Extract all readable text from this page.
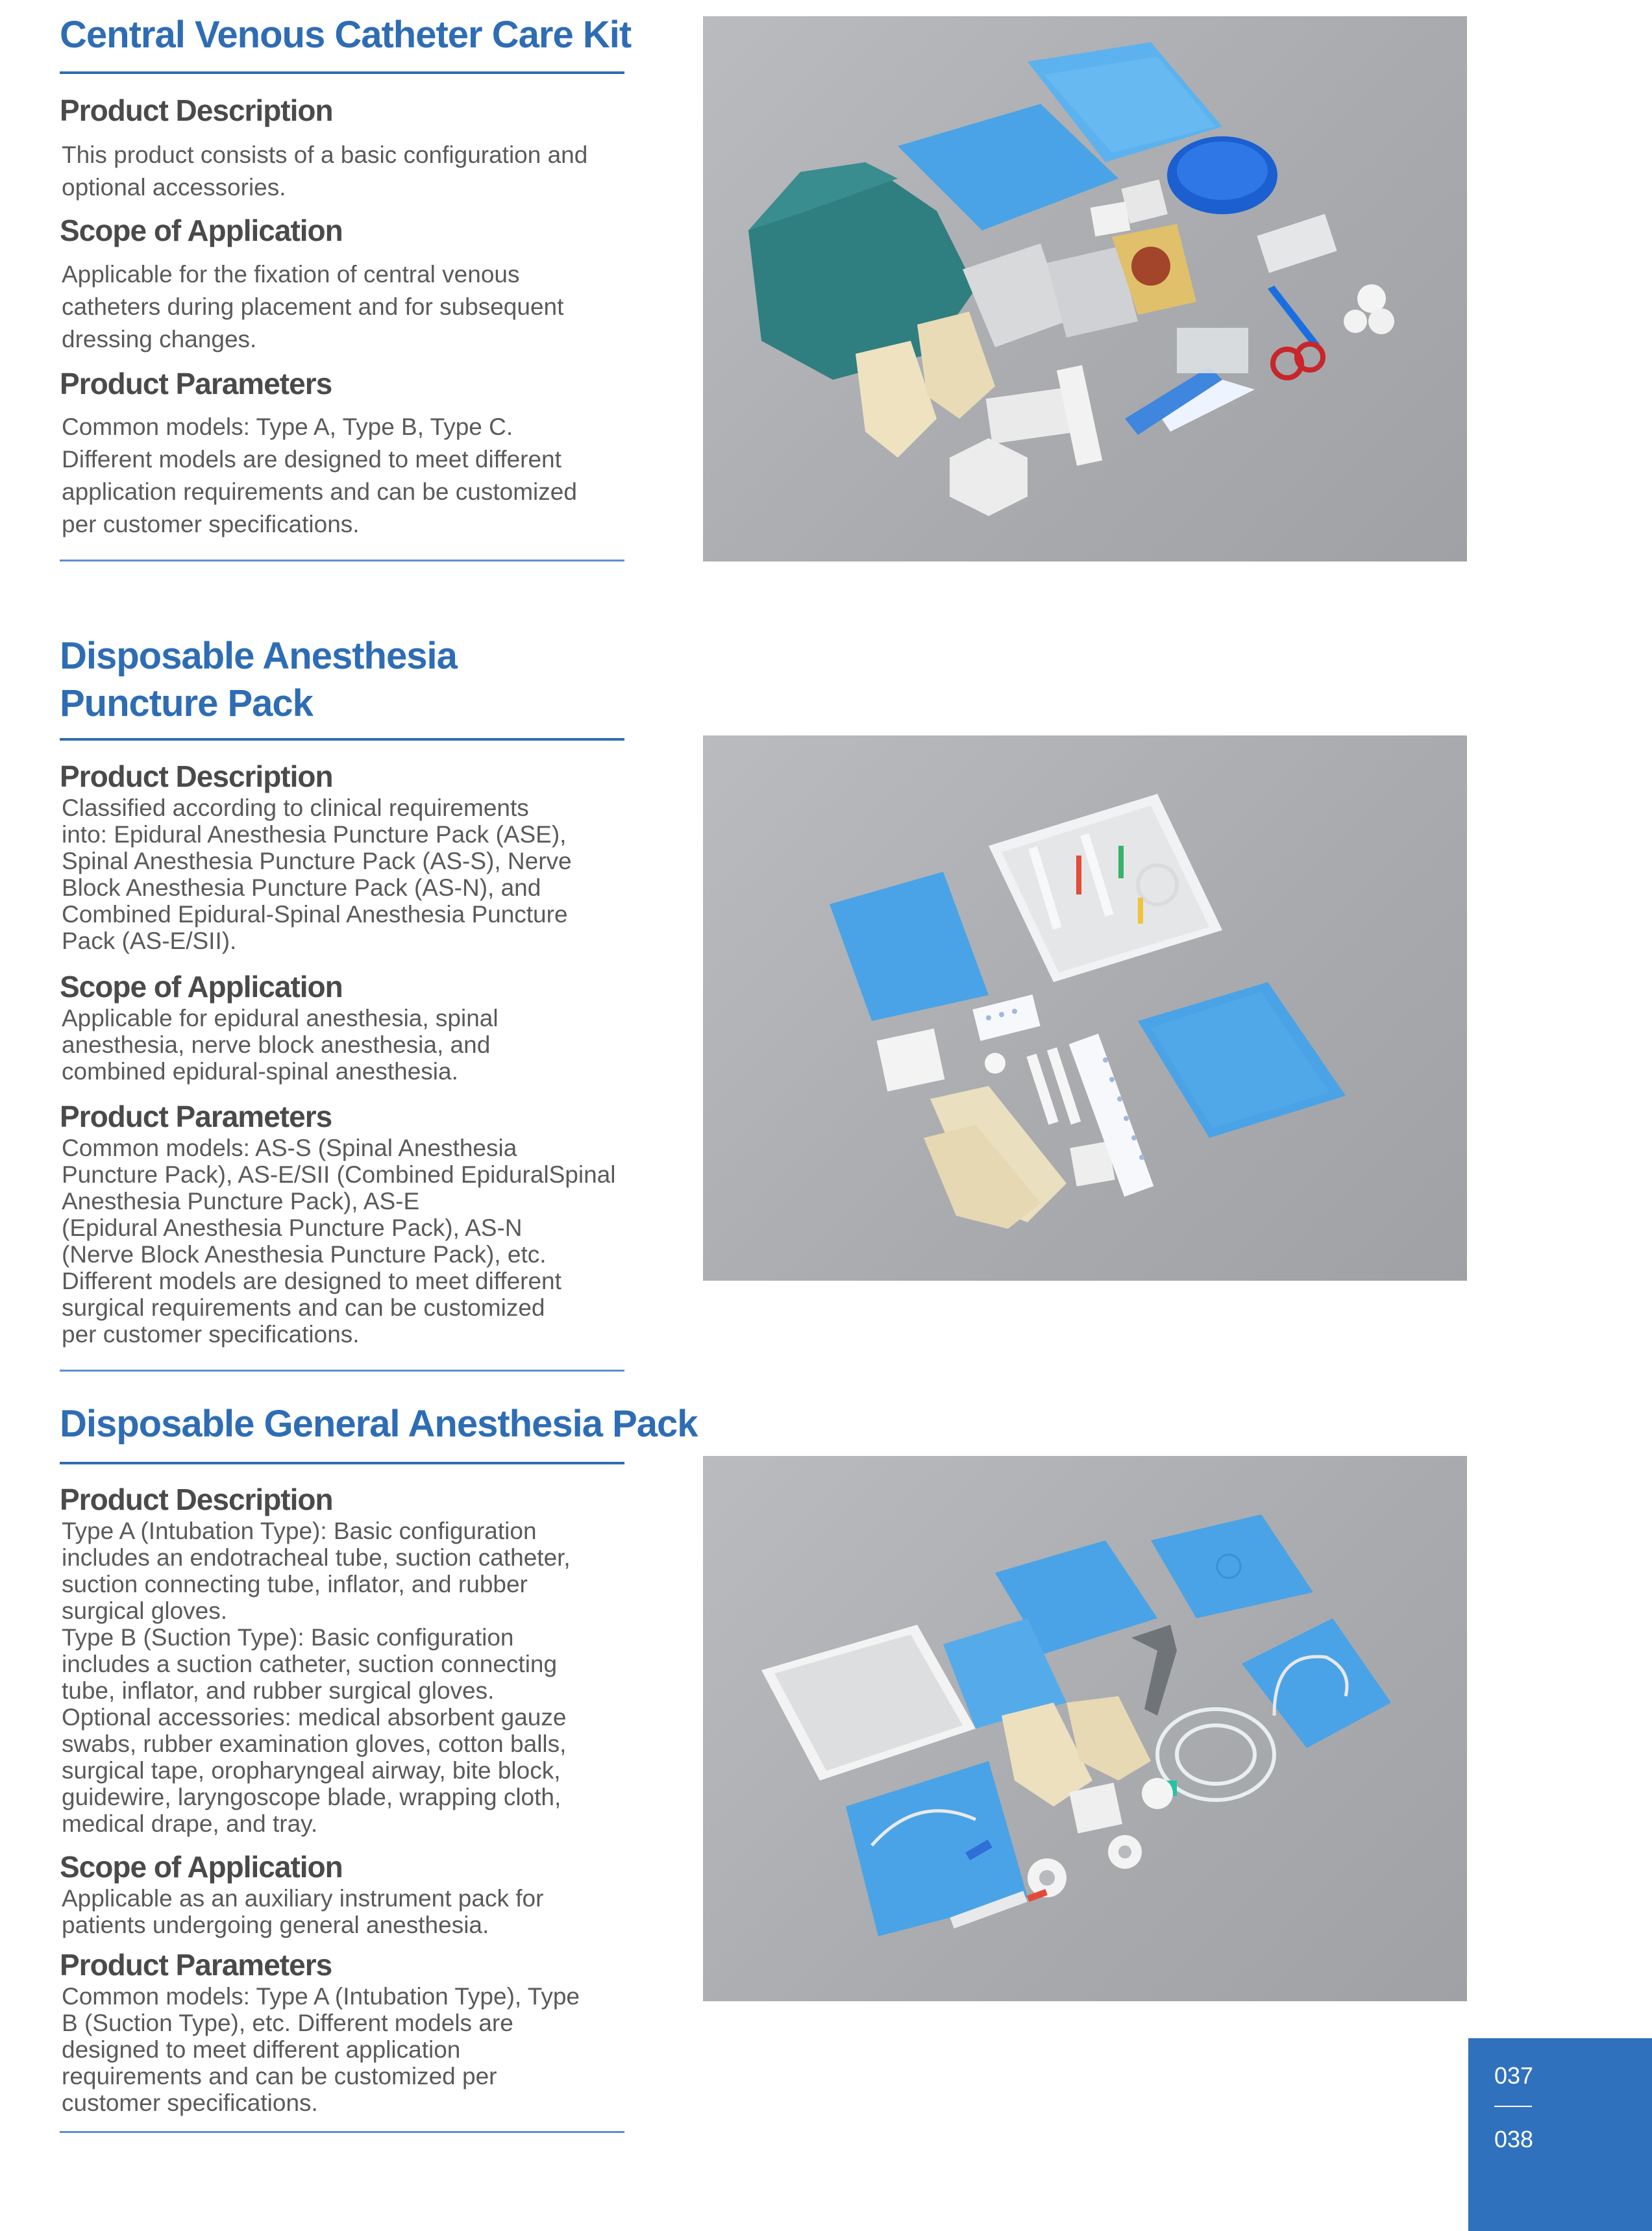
Central Venous Catheter Care Kit
Product Description

This product consists of a basic configuration and
optional accessories.

Scope of Application

Applicable for the fixation of central venous
catheters during placement and for subsequent
dressing changes.

Product Parameters

Common models: Type A, Type B, Type C.
Different models are designed to meet different
application requirements and can be customized
per customer specifications.

Disposable Anesthesia
Puncture Pack
Product Description

Classified according to clinical requirements
into: Epidural Anesthesia Puncture Pack (ASE),
Spinal Anesthesia Puncture Pack (AS-S), Nerve
Block Anesthesia Puncture Pack (AS-N), and
Combined Epidural-Spinal Anesthesia Puncture
Pack (AS-E/SII).

Scope of Application

Applicable for epidural anesthesia, spinal
anesthesia, nerve block anesthesia, and
combined epidural-spinal anesthesia.

Product Parameters

Common models: AS-S (Spinal Anesthesia
Puncture Pack), AS-E/SII (Combined EpiduralSpinal
Anesthesia Puncture Pack), AS-E
(Epidural Anesthesia Puncture Pack), AS-N
(Nerve Block Anesthesia Puncture Pack), etc.
Different models are designed to meet different
surgical requirements and can be customized
per customer specifications.

Disposable General Anesthesia Pack
Product Description

Type A (Intubation Type): Basic configuration
includes an endotracheal tube, suction catheter,
suction connecting tube, inflator, and rubber
surgical gloves.
Type B (Suction Type): Basic configuration
includes a suction catheter, suction connecting
tube, inflator, and rubber surgical gloves.
Optional accessories: medical absorbent gauze
swabs, rubber examination gloves, cotton balls,
surgical tape, oropharyngeal airway, bite block,
guidewire, laryngoscope blade, wrapping cloth,
medical drape, and tray.

Scope of Application

Applicable as an auxiliary instrument pack for
patients undergoing general anesthesia.

Product Parameters

Common models: Type A (Intubation Type), Type
B (Suction Type), etc. Different models are
designed to meet different application
requirements and can be customized per
customer specifications.

037
038
